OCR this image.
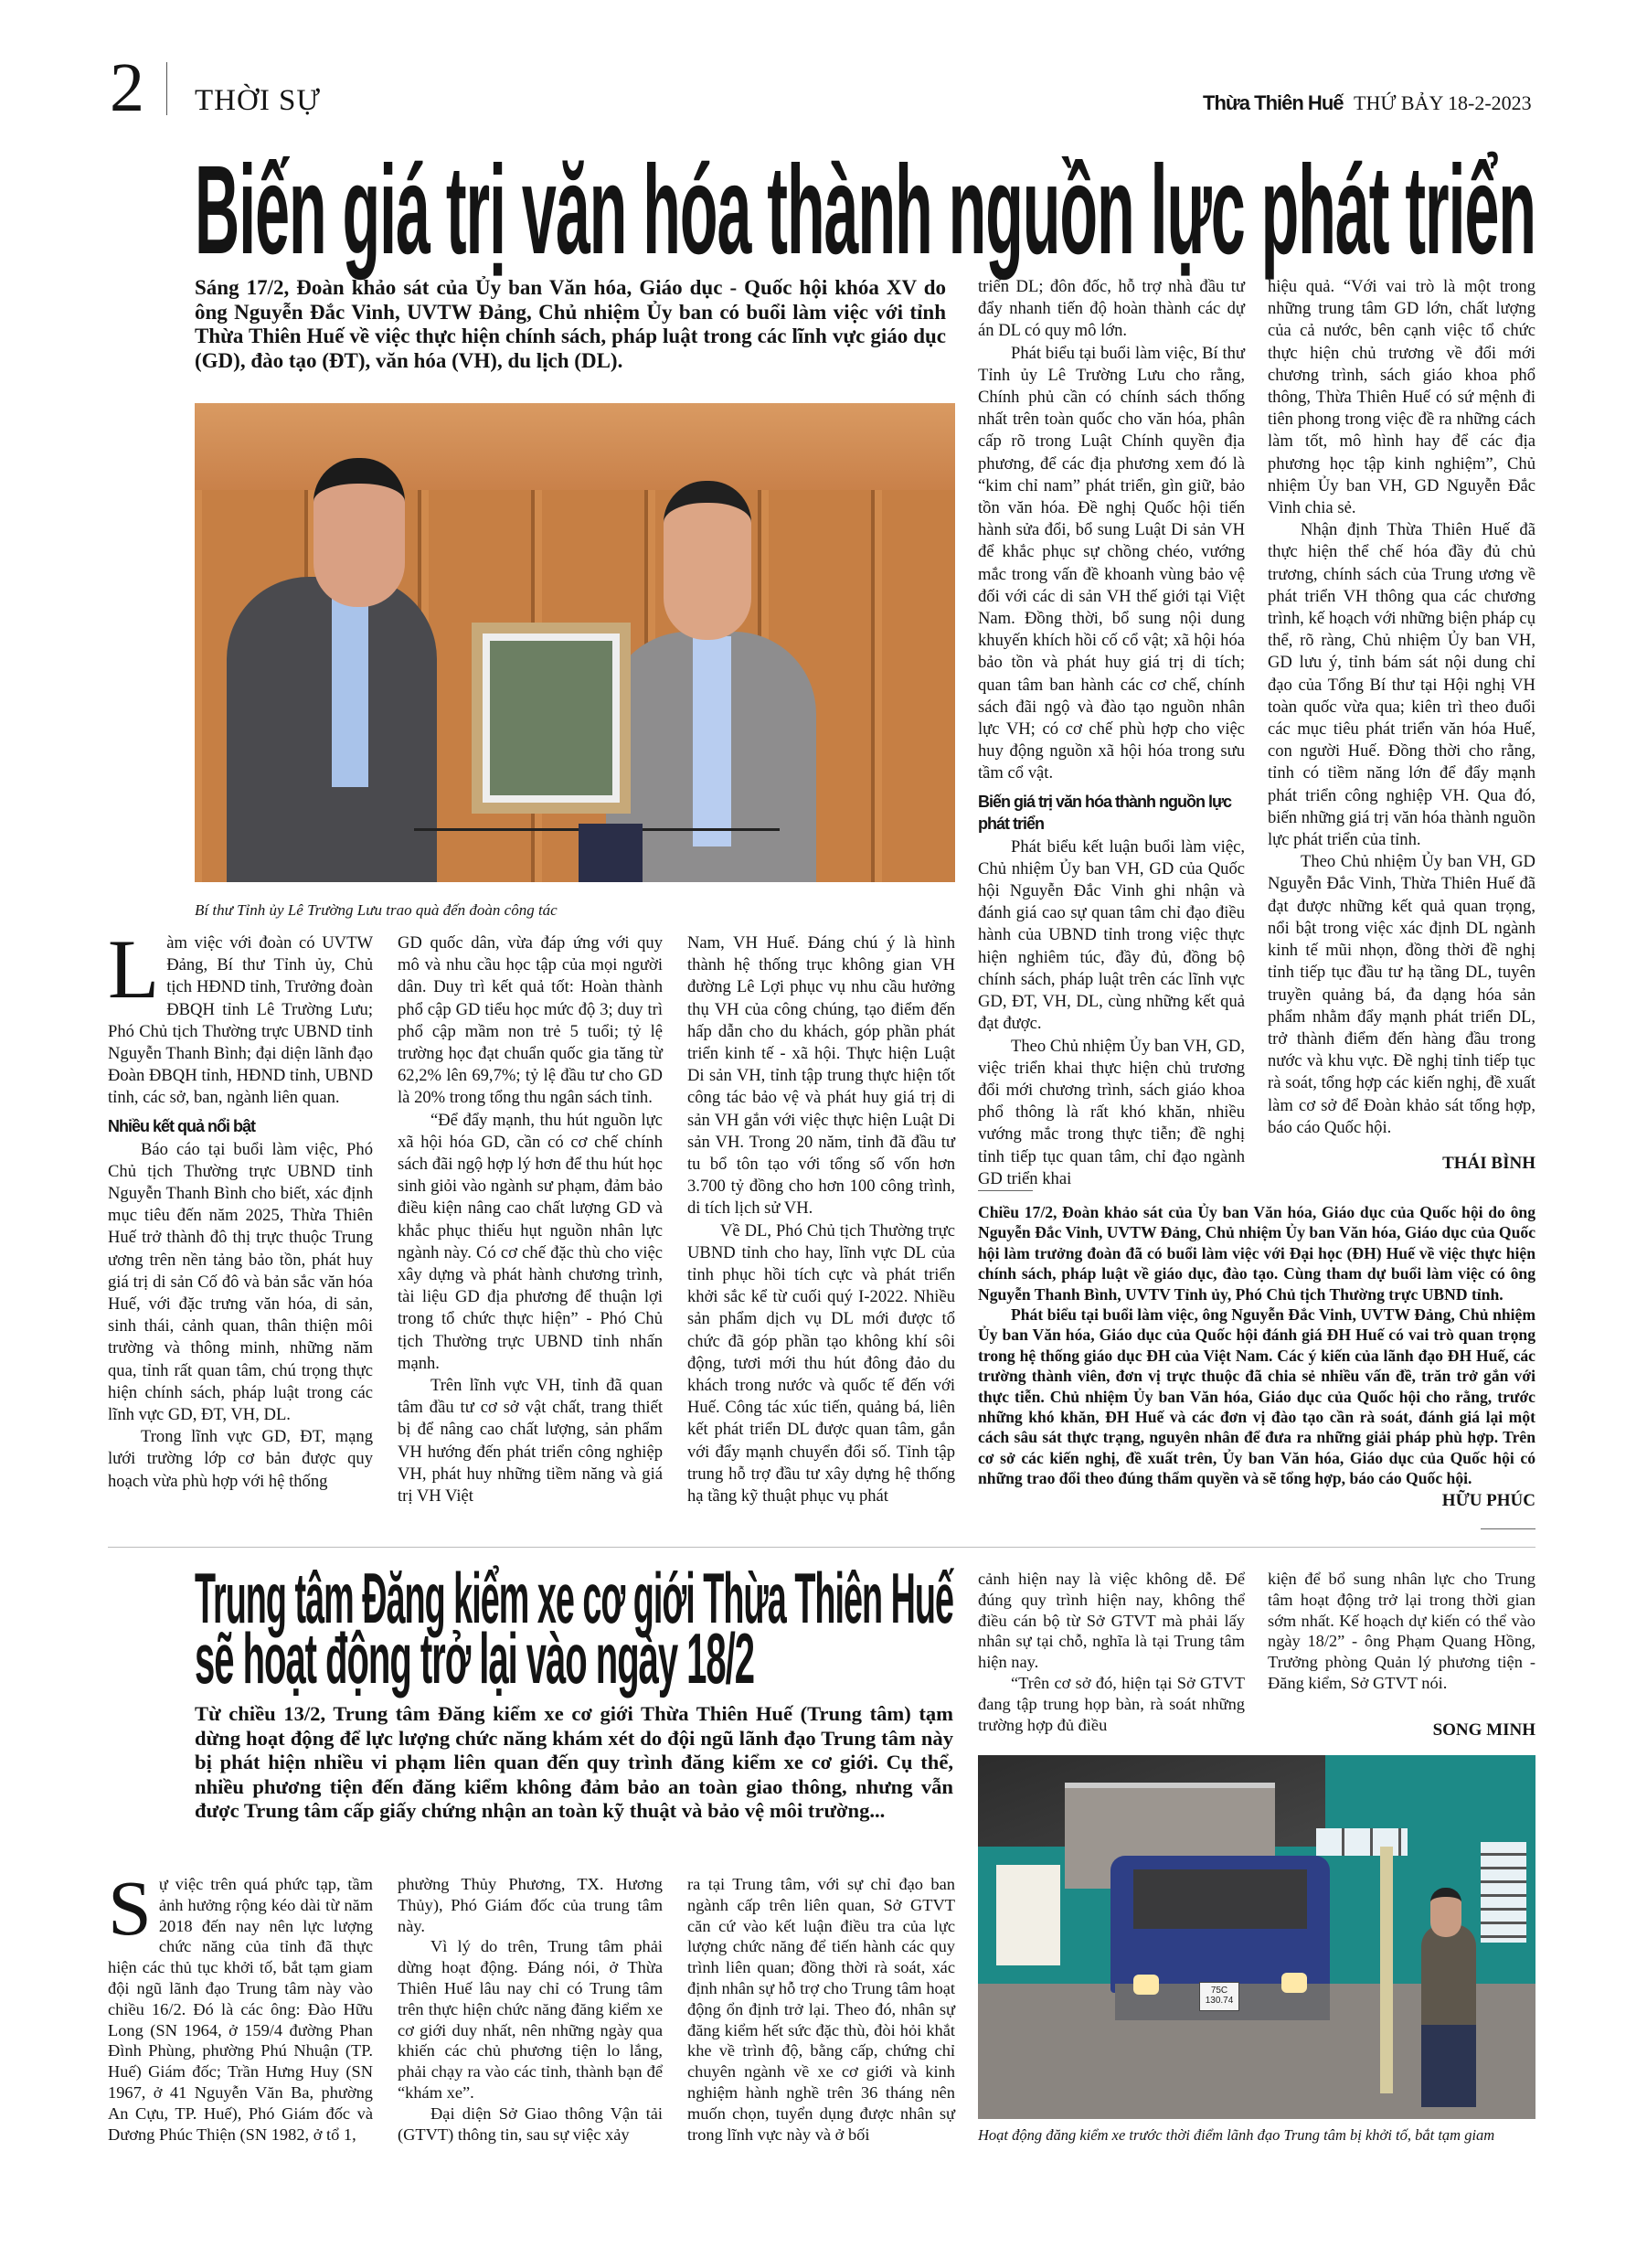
2 THỜI SỰ	Thừa Thiên Huế THỨ BẢY 18-2-2023
Biến giá trị văn hóa thành nguồn lực phát triển
Sáng 17/2, Đoàn khảo sát của Ủy ban Văn hóa, Giáo dục - Quốc hội khóa XV do ông Nguyễn Đắc Vinh, UVTW Đảng, Chủ nhiệm Ủy ban có buổi làm việc với tỉnh Thừa Thiên Huế về việc thực hiện chính sách, pháp luật trong các lĩnh vực giáo dục (GD), đào tạo (ĐT), văn hóa (VH), du lịch (DL).
Bí thư Tỉnh ủy Lê Trường Lưu trao quà đến đoàn công tác

Làm việc với đoàn có UVTW Đảng, Bí thư Tỉnh ủy, Chủ tịch HĐND tỉnh, Trưởng đoàn ĐBQH tỉnh Lê Trường Lưu; Phó Chủ tịch Thường trực UBND tỉnh Nguyễn Thanh Bình; đại diện lãnh đạo Đoàn ĐBQH tỉnh, HĐND tỉnh, UBND tỉnh, các sở, ban, ngành liên quan.

Nhiều kết quả nổi bật

Báo cáo tại buổi làm việc, Phó Chủ tịch Thường trực UBND tỉnh Nguyễn Thanh Bình cho biết, xác định mục tiêu đến năm 2025, Thừa Thiên Huế trở thành đô thị trực thuộc Trung ương trên nền tảng bảo tồn, phát huy giá trị di sản Cố đô và bản sắc văn hóa Huế, với đặc trưng văn hóa, di sản, sinh thái, cảnh quan, thân thiện môi trường và thông minh, những năm qua, tỉnh rất quan tâm, chú trọng thực hiện chính sách, pháp luật trong các lĩnh vực GD, ĐT, VH, DL.

Trong lĩnh vực GD, ĐT, mạng lưới trường lớp cơ bản được quy hoạch vừa phù hợp với hệ thống

GD quốc dân, vừa đáp ứng với quy mô và nhu cầu học tập của mọi người dân. Duy trì kết quả tốt: Hoàn thành phổ cập GD tiểu học mức độ 3; duy trì phổ cập mầm non trẻ 5 tuổi; tỷ lệ trường học đạt chuẩn quốc gia tăng từ 62,2% lên 69,7%; tỷ lệ đầu tư cho GD là 20% trong tổng thu ngân sách tỉnh.

“Để đẩy mạnh, thu hút nguồn lực xã hội hóa GD, cần có cơ chế chính sách đãi ngộ hợp lý hơn để thu hút học sinh giỏi vào ngành sư phạm, đảm bảo điều kiện nâng cao chất lượng GD và khắc phục thiếu hụt nguồn nhân lực ngành này. Có cơ chế đặc thù cho việc xây dựng và phát hành chương trình, tài liệu GD địa phương để thuận lợi trong tổ chức thực hiện” - Phó Chủ tịch Thường trực UBND tỉnh nhấn mạnh.

Trên lĩnh vực VH, tỉnh đã quan tâm đầu tư cơ sở vật chất, trang thiết bị để nâng cao chất lượng, sản phẩm VH hướng đến phát triển công nghiệp VH, phát huy những tiềm năng và giá trị VH Việt

Nam, VH Huế. Đáng chú ý là hình thành hệ thống trục không gian VH đường Lê Lợi phục vụ nhu cầu hưởng thụ VH của công chúng, tạo điểm đến hấp dẫn cho du khách, góp phần phát triển kinh tế - xã hội. Thực hiện Luật Di sản VH, tỉnh tập trung thực hiện tốt công tác bảo vệ và phát huy giá trị di sản VH gắn với việc thực hiện Luật Di sản VH. Trong 20 năm, tỉnh đã đầu tư tu bổ tôn tạo với tổng số vốn hơn 3.700 tỷ đồng cho hơn 100 công trình, di tích lịch sử VH.

Về DL, Phó Chủ tịch Thường trực UBND tỉnh cho hay, lĩnh vực DL của tỉnh phục hồi tích cực và phát triển khởi sắc kể từ cuối quý I-2022. Nhiều sản phẩm dịch vụ DL mới được tổ chức đã góp phần tạo không khí sôi động, tươi mới thu hút đông đảo du khách trong nước và quốc tế đến với Huế. Công tác xúc tiến, quảng bá, liên kết phát triển DL được quan tâm, gắn với đẩy mạnh chuyển đổi số. Tỉnh tập trung hỗ trợ đầu tư xây dựng hệ thống hạ tầng kỹ thuật phục vụ phát

triển DL; đôn đốc, hỗ trợ nhà đầu tư đẩy nhanh tiến độ hoàn thành các dự án DL có quy mô lớn.

Phát biểu tại buổi làm việc, Bí thư Tỉnh ủy Lê Trường Lưu cho rằng, Chính phủ cần có chính sách thống nhất trên toàn quốc cho văn hóa, phân cấp rõ trong Luật Chính quyền địa phương, để các địa phương xem đó là “kim chỉ nam” phát triển, gìn giữ, bảo tồn văn hóa. Đề nghị Quốc hội tiến hành sửa đổi, bổ sung Luật Di sản VH để khắc phục sự chồng chéo, vướng mắc trong vấn đề khoanh vùng bảo vệ đối với các di sản VH thế giới tại Việt Nam. Đồng thời, bổ sung nội dung khuyến khích hồi cố cổ vật; xã hội hóa bảo tồn và phát huy giá trị di tích; quan tâm ban hành các cơ chế, chính sách đãi ngộ và đào tạo nguồn nhân lực VH; có cơ chế phù hợp cho việc huy động nguồn xã hội hóa trong sưu tầm cổ vật.

Biến giá trị văn hóa thành nguồn lực phát triển

Phát biểu kết luận buổi làm việc, Chủ nhiệm Ủy ban VH, GD của Quốc hội Nguyễn Đắc Vinh ghi nhận và đánh giá cao sự quan tâm chỉ đạo điều hành của UBND tỉnh trong việc thực hiện nghiêm túc, đầy đủ, đồng bộ chính sách, pháp luật trên các lĩnh vực GD, ĐT, VH, DL, cùng những kết quả đạt được.

Theo Chủ nhiệm Ủy ban VH, GD, việc triển khai thực hiện chủ trương đổi mới chương trình, sách giáo khoa phổ thông là rất khó khăn, nhiều vướng mắc trong thực tiễn; đề nghị tỉnh tiếp tục quan tâm, chỉ đạo ngành GD triển khai

hiệu quả. “Với vai trò là một trong những trung tâm GD lớn, chất lượng của cả nước, bên cạnh việc tổ chức thực hiện chủ trương về đổi mới chương trình, sách giáo khoa phổ thông, Thừa Thiên Huế có sứ mệnh đi tiên phong trong việc đề ra những cách làm tốt, mô hình hay để các địa phương học tập kinh nghiệm”, Chủ nhiệm Ủy ban VH, GD Nguyễn Đắc Vinh chia sẻ.

Nhận định Thừa Thiên Huế đã thực hiện thể chế hóa đầy đủ chủ trương, chính sách của Trung ương về phát triển VH thông qua các chương trình, kế hoạch với những biện pháp cụ thể, rõ ràng, Chủ nhiệm Ủy ban VH, GD lưu ý, tỉnh bám sát nội dung chỉ đạo của Tổng Bí thư tại Hội nghị VH toàn quốc vừa qua; kiên trì theo đuổi các mục tiêu phát triển văn hóa Huế, con người Huế. Đồng thời cho rằng, tỉnh có tiềm năng lớn để đẩy mạnh phát triển công nghiệp VH. Qua đó, biến những giá trị văn hóa thành nguồn lực phát triển của tỉnh.

Theo Chủ nhiệm Ủy ban VH, GD Nguyễn Đắc Vinh, Thừa Thiên Huế đã đạt được những kết quả quan trọng, nổi bật trong việc xác định DL ngành kinh tế mũi nhọn, đồng thời đề nghị tỉnh tiếp tục đầu tư hạ tầng DL, tuyên truyền quảng bá, đa dạng hóa sản phẩm nhằm đẩy mạnh phát triển DL, trở thành điểm đến hàng đầu trong nước và khu vực. Đề nghị tỉnh tiếp tục rà soát, tổng hợp các kiến nghị, đề xuất làm cơ sở để Đoàn khảo sát tổng hợp, báo cáo Quốc hội.

THÁI BÌNH

Chiều 17/2, Đoàn khảo sát của Ủy ban Văn hóa, Giáo dục của Quốc hội do ông Nguyễn Đắc Vinh, UVTW Đảng, Chủ nhiệm Ủy ban Văn hóa, Giáo dục của Quốc hội làm trưởng đoàn đã có buổi làm việc với Đại học (ĐH) Huế về việc thực hiện chính sách, pháp luật về giáo dục, đào tạo. Cùng tham dự buổi làm việc có ông Nguyễn Thanh Bình, UVTV Tỉnh ủy, Phó Chủ tịch Thường trực UBND tỉnh.

Phát biểu tại buổi làm việc, ông Nguyễn Đắc Vinh, UVTW Đảng, Chủ nhiệm Ủy ban Văn hóa, Giáo dục của Quốc hội đánh giá ĐH Huế có vai trò quan trọng trong hệ thống giáo dục ĐH của Việt Nam. Các ý kiến của lãnh đạo ĐH Huế, các trường thành viên, đơn vị trực thuộc đã chia sẻ nhiều vấn đề, trăn trở gắn với thực tiễn. Chủ nhiệm Ủy ban Văn hóa, Giáo dục của Quốc hội cho rằng, trước những khó khăn, ĐH Huế và các đơn vị đào tạo cần rà soát, đánh giá lại một cách sâu sát thực trạng, nguyên nhân để đưa ra những giải pháp phù hợp. Trên cơ sở các kiến nghị, đề xuất trên, Ủy ban Văn hóa, Giáo dục của Quốc hội có những trao đổi theo đúng thẩm quyền và sẽ tổng hợp, báo cáo Quốc hội.

HỮU PHÚC
Trung tâm Đăng kiểm xe cơ giới Thừa Thiên Huế
sẽ hoạt động trở lại vào ngày 18/2
Từ chiều 13/2, Trung tâm Đăng kiểm xe cơ giới Thừa Thiên Huế (Trung tâm) tạm dừng hoạt động để lực lượng chức năng khám xét do đội ngũ lãnh đạo Trung tâm này bị phát hiện nhiều vi phạm liên quan đến quy trình đăng kiểm xe cơ giới. Cụ thể, nhiều phương tiện đến đăng kiểm không đảm bảo an toàn giao thông, nhưng vẫn được Trung tâm cấp giấy chứng nhận an toàn kỹ thuật và bảo vệ môi trường...

Sự việc trên quá phức tạp, tầm ảnh hưởng rộng kéo dài từ năm 2018 đến nay nên lực lượng chức năng của tỉnh đã thực hiện các thủ tục khởi tố, bắt tạm giam đội ngũ lãnh đạo Trung tâm này vào chiều 16/2. Đó là các ông: Đào Hữu Long (SN 1964, ở 159/4 đường Phan Đình Phùng, phường Phú Nhuận (TP. Huế) Giám đốc; Trần Hưng Huy (SN 1967, ở 41 Nguyễn Văn Ba, phường An Cựu, TP. Huế), Phó Giám đốc và Dương Phúc Thiện (SN 1982, ở tổ 1,

phường Thủy Phương, TX. Hương Thủy), Phó Giám đốc của trung tâm này.

Vì lý do trên, Trung tâm phải dừng hoạt động. Đáng nói, ở Thừa Thiên Huế lâu nay chỉ có Trung tâm trên thực hiện chức năng đăng kiểm xe cơ giới duy nhất, nên những ngày qua khiến các chủ phương tiện lo lắng, phải chạy ra vào các tỉnh, thành bạn để “khám xe”.

Đại diện Sở Giao thông Vận tải (GTVT) thông tin, sau sự việc xảy

ra tại Trung tâm, với sự chỉ đạo ban ngành cấp trên liên quan, Sở GTVT căn cứ vào kết luận điều tra của lực lượng chức năng để tiến hành các quy trình liên quan; đồng thời rà soát, xác định nhân sự hỗ trợ cho Trung tâm hoạt động ổn định trở lại. Theo đó, nhân sự đăng kiểm hết sức đặc thù, đòi hỏi khắt khe về trình độ, bằng cấp, chứng chỉ chuyên ngành về xe cơ giới và kinh nghiệm hành nghề trên 36 tháng nên muốn chọn, tuyển dụng được nhân sự trong lĩnh vực này và ở bối

cảnh hiện nay là việc không dễ. Để đúng quy trình hiện nay, không thể điều cán bộ từ Sở GTVT mà phải lấy nhân sự tại chỗ, nghĩa là tại Trung tâm hiện nay.

“Trên cơ sở đó, hiện tại Sở GTVT đang tập trung họp bàn, rà soát những trường hợp đủ điều

kiện để bổ sung nhân lực cho Trung tâm hoạt động trở lại trong thời gian sớm nhất. Kế hoạch dự kiến có thể vào ngày 18/2” - ông Phạm Quang Hồng, Trưởng phòng Quản lý phương tiện - Đăng kiểm, Sở GTVT nói.

SONG MINH
75C 130.74
Hoạt động đăng kiểm xe trước thời điểm lãnh đạo Trung tâm bị khởi tố, bắt tạm giam
